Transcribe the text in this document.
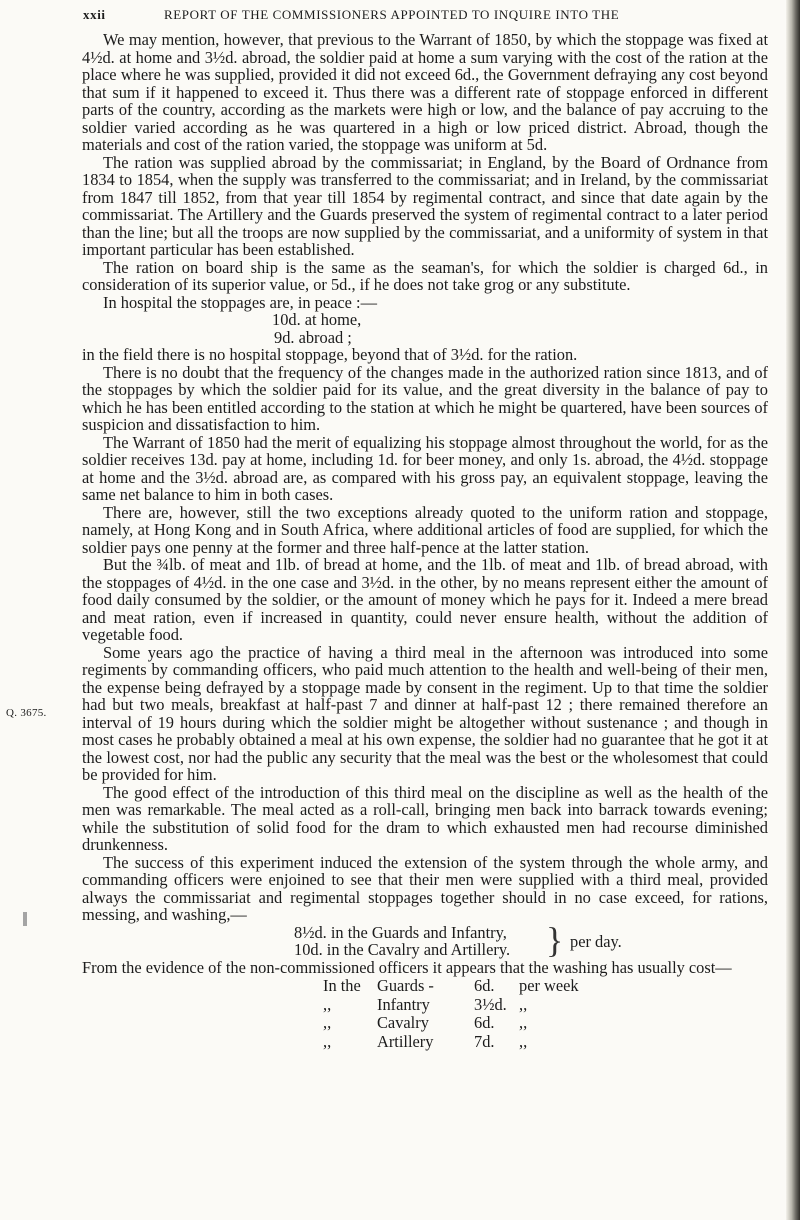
xxii	REPORT OF THE COMMISSIONERS APPOINTED TO INQUIRE INTO THE
Q. 3675.

We may mention, however, that previous to the Warrant of 1850, by which the stoppage was fixed at 4½d. at home and 3½d. abroad, the soldier paid at home a sum varying with the cost of the ration at the place where he was supplied, provided it did not exceed 6d., the Government defraying any cost beyond that sum if it happened to exceed it. Thus there was a different rate of stoppage enforced in different parts of the country, according as the markets were high or low, and the balance of pay accruing to the soldier varied according as he was quartered in a high or low priced district. Abroad, though the materials and cost of the ration varied, the stoppage was uniform at 5d.

The ration was supplied abroad by the commissariat; in England, by the Board of Ordnance from 1834 to 1854, when the supply was transferred to the commissariat; and in Ireland, by the commissariat from 1847 till 1852, from that year till 1854 by regimental contract, and since that date again by the commissariat. The Artillery and the Guards preserved the system of regimental contract to a later period than the line; but all the troops are now supplied by the commissariat, and a uniformity of system in that important particular has been established.

The ration on board ship is the same as the seaman's, for which the soldier is charged 6d., in consideration of its superior value, or 5d., if he does not take grog or any substitute.

In hospital the stoppages are, in peace :—

10d. at home,
9d. abroad ;

in the field there is no hospital stoppage, beyond that of 3½d. for the ration.

There is no doubt that the frequency of the changes made in the authorized ration since 1813, and of the stoppages by which the soldier paid for its value, and the great diversity in the balance of pay to which he has been entitled according to the station at which he might be quartered, have been sources of suspicion and dissatisfaction to him.

The Warrant of 1850 had the merit of equalizing his stoppage almost throughout the world, for as the soldier receives 13d. pay at home, including 1d. for beer money, and only 1s. abroad, the 4½d. stoppage at home and the 3½d. abroad are, as compared with his gross pay, an equivalent stoppage, leaving the same net balance to him in both cases.

There are, however, still the two exceptions already quoted to the uniform ration and stoppage, namely, at Hong Kong and in South Africa, where additional articles of food are supplied, for which the soldier pays one penny at the former and three half-pence at the latter station.

But the ¾lb. of meat and 1lb. of bread at home, and the 1lb. of meat and 1lb. of bread abroad, with the stoppages of 4½d. in the one case and 3½d. in the other, by no means represent either the amount of food daily consumed by the soldier, or the amount of money which he pays for it. Indeed a mere bread and meat ration, even if increased in quantity, could never ensure health, without the addition of vegetable food.

Some years ago the practice of having a third meal in the afternoon was introduced into some regiments by commanding officers, who paid much attention to the health and well-being of their men, the expense being defrayed by a stoppage made by consent in the regiment. Up to that time the soldier had but two meals, breakfast at half-past 7 and dinner at half-past 12 ; there remained therefore an interval of 19 hours during which the soldier might be altogether without sustenance ; and though in most cases he probably obtained a meal at his own expense, the soldier had no guarantee that he got it at the lowest cost, nor had the public any security that the meal was the best or the wholesomest that could be provided for him.

The good effect of the introduction of this third meal on the discipline as well as the health of the men was remarkable. The meal acted as a roll-call, bringing men back into barrack towards evening; while the substitution of solid food for the dram to which exhausted men had recourse diminished drunkenness.

The success of this experiment induced the extension of the system through the whole army, and commanding officers were enjoined to see that their men were supplied with a third meal, provided always the commissariat and regimental stoppages together should in no case exceed, for rations, messing, and washing,—

8½d. in the Guards and Infantry,
10d. in the Cavalry and Artillery. } per day.

From the evidence of the non-commissioned officers it appears that the washing has usually cost—

In the	Guards -	6d.	per week
,,	Infantry	3½d.	,,
,,	Cavalry	6d.	,,
,,	Artillery	7d.	,,
